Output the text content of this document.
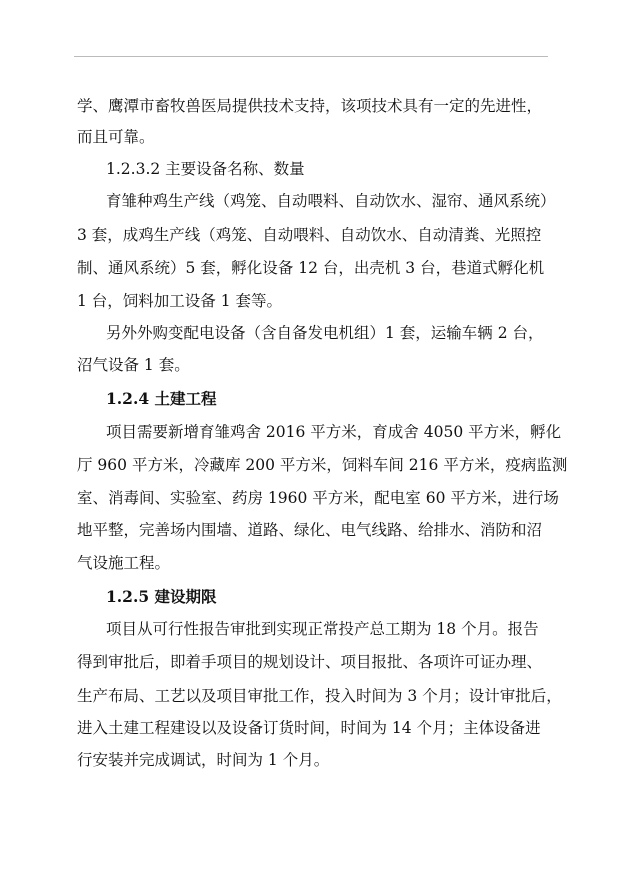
学、鹰潭市畜牧兽医局提供技术支持，该项技术具有一定的先进性，
而且可靠。
1.2.3.2 主要设备名称、数量
育雏种鸡生产线（鸡笼、自动喂料、自动饮水、湿帘、通风系统）
3 套，成鸡生产线（鸡笼、自动喂料、自动饮水、自动清粪、光照控
制、通风系统）5 套，孵化设备 12 台，出壳机 3 台，巷道式孵化机
1 台，饲料加工设备 1 套等。
另外外购变配电设备（含自备发电机组）1 套，运输车辆 2 台，
沼气设备 1 套。
1.2.4 土建工程
项目需要新增育雏鸡舍 2016 平方米，育成舍 4050 平方米，孵化
厅 960 平方米，冷藏库 200 平方米，饲料车间 216 平方米，疫病监测
室、消毒间、实验室、药房 1960 平方米，配电室 60 平方米，进行场
地平整，完善场内围墙、道路、绿化、电气线路、给排水、消防和沼
气设施工程。
1.2.5 建设期限
项目从可行性报告审批到实现正常投产总工期为 18 个月。报告
得到审批后，即着手项目的规划设计、项目报批、各项许可证办理、
生产布局、工艺以及项目审批工作，投入时间为 3 个月；设计审批后，
进入土建工程建设以及设备订货时间，时间为 14 个月；主体设备进
行安装并完成调试，时间为 1 个月。
